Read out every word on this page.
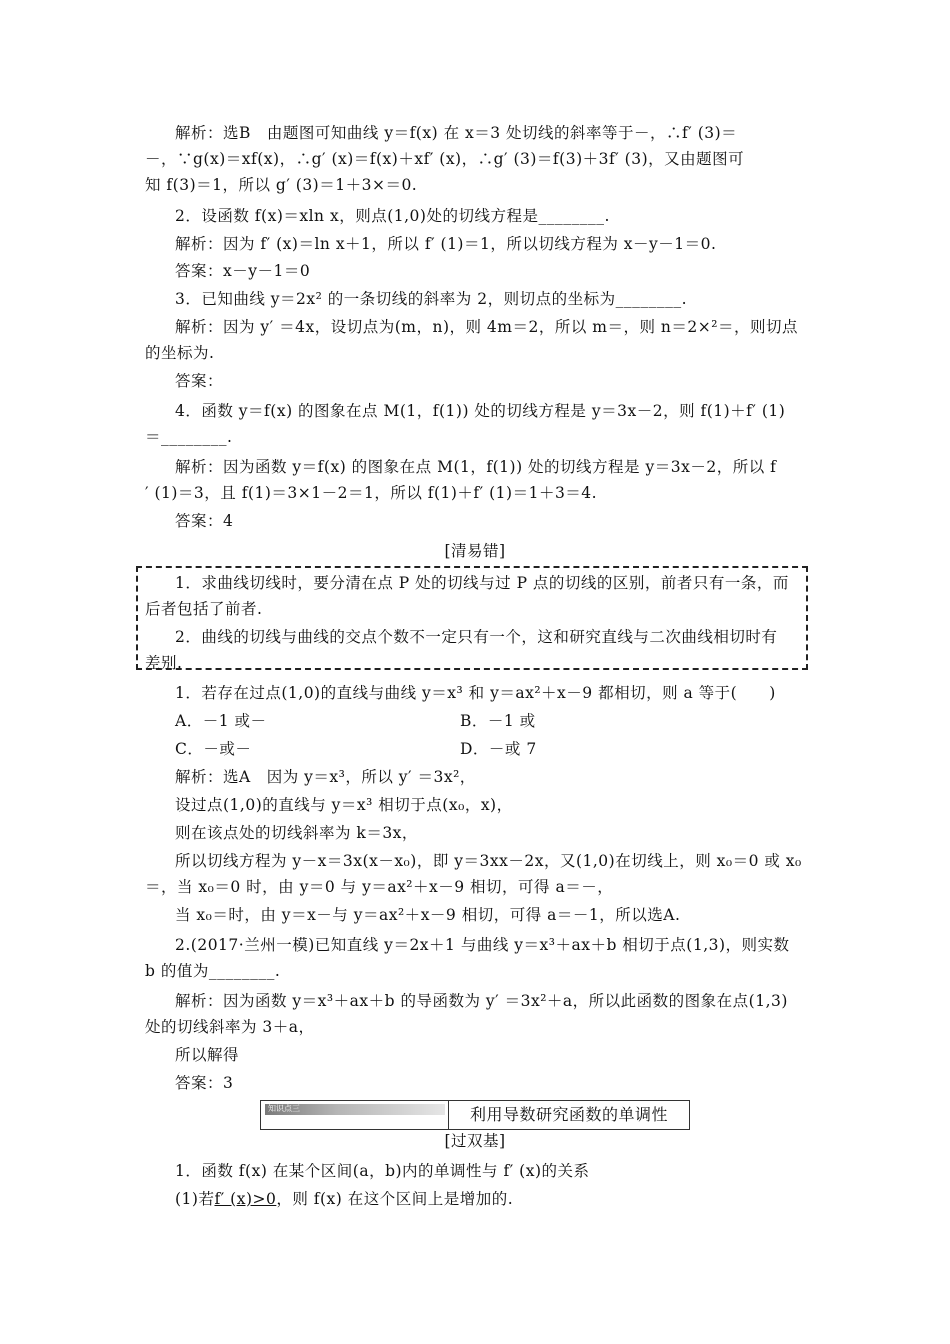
解析：选B　由题图可知曲线 y＝f(x) 在 x＝3 处切线的斜率等于－，∴f′ (3)＝
－，∵g(x)＝xf(x)，∴g′ (x)＝f(x)＋xf′ (x)，∴g′ (3)＝f(3)＋3f′ (3)，又由题图可
知 f(3)＝1，所以 g′ (3)＝1＋3×＝0.
2．设函数 f(x)＝xln x，则点(1,0)处的切线方程是________.
解析：因为 f′ (x)＝ln x＋1，所以 f′ (1)＝1，所以切线方程为 x－y－1＝0.
答案：x－y－1＝0
3．已知曲线 y＝2x² 的一条切线的斜率为 2，则切点的坐标为________.
解析：因为 y′ ＝4x，设切点为(m，n)，则 4m＝2，所以 m＝，则 n＝2×²＝，则切点
的坐标为.
答案：
4．函数 y＝f(x) 的图象在点 M(1，f(1)) 处的切线方程是 y＝3x－2，则 f(1)＋f′ (1)
＝________.
解析：因为函数 y＝f(x) 的图象在点 M(1，f(1)) 处的切线方程是 y＝3x－2，所以 f
′ (1)＝3，且 f(1)＝3×1－2＝1，所以 f(1)＋f′ (1)＝1＋3＝4.
答案：4
[清易错]
1．求曲线切线时，要分清在点 P 处的切线与过 P 点的切线的区别，前者只有一条，而
后者包括了前者.
2．曲线的切线与曲线的交点个数不一定只有一个，这和研究直线与二次曲线相切时有
差别.
1．若存在过点(1,0)的直线与曲线 y＝x³ 和 y＝ax²＋x－9 都相切，则 a 等于(　　)
A．－1 或－	B．－1 或
C．－或－	D．－或 7
解析：选A　因为 y＝x³，所以 y′ ＝3x²，
设过点(1,0)的直线与 y＝x³ 相切于点(x₀，x)，
则在该点处的切线斜率为 k＝3x，
所以切线方程为 y－x＝3x(x－x₀)，即 y＝3xx－2x，又(1,0)在切线上，则 x₀＝0 或 x₀
＝，当 x₀＝0 时，由 y＝0 与 y＝ax²＋x－9 相切，可得 a＝－，
当 x₀＝时，由 y＝x－与 y＝ax²＋x－9 相切，可得 a＝－1，所以选A.
2.(2017·兰州一模)已知直线 y＝2x＋1 与曲线 y＝x³＋ax＋b 相切于点(1,3)，则实数
b 的值为________.
解析：因为函数 y＝x³＋ax＋b 的导函数为 y′ ＝3x²＋a，所以此函数的图象在点(1,3)
处的切线斜率为 3＋a，
所以解得
答案：3
知识点三	利用导数研究函数的单调性
[过双基]
1．函数 f(x) 在某个区间(a，b)内的单调性与 f′ (x)的关系
(1)若f′ (x)>0，则 f(x) 在这个区间上是增加的.
